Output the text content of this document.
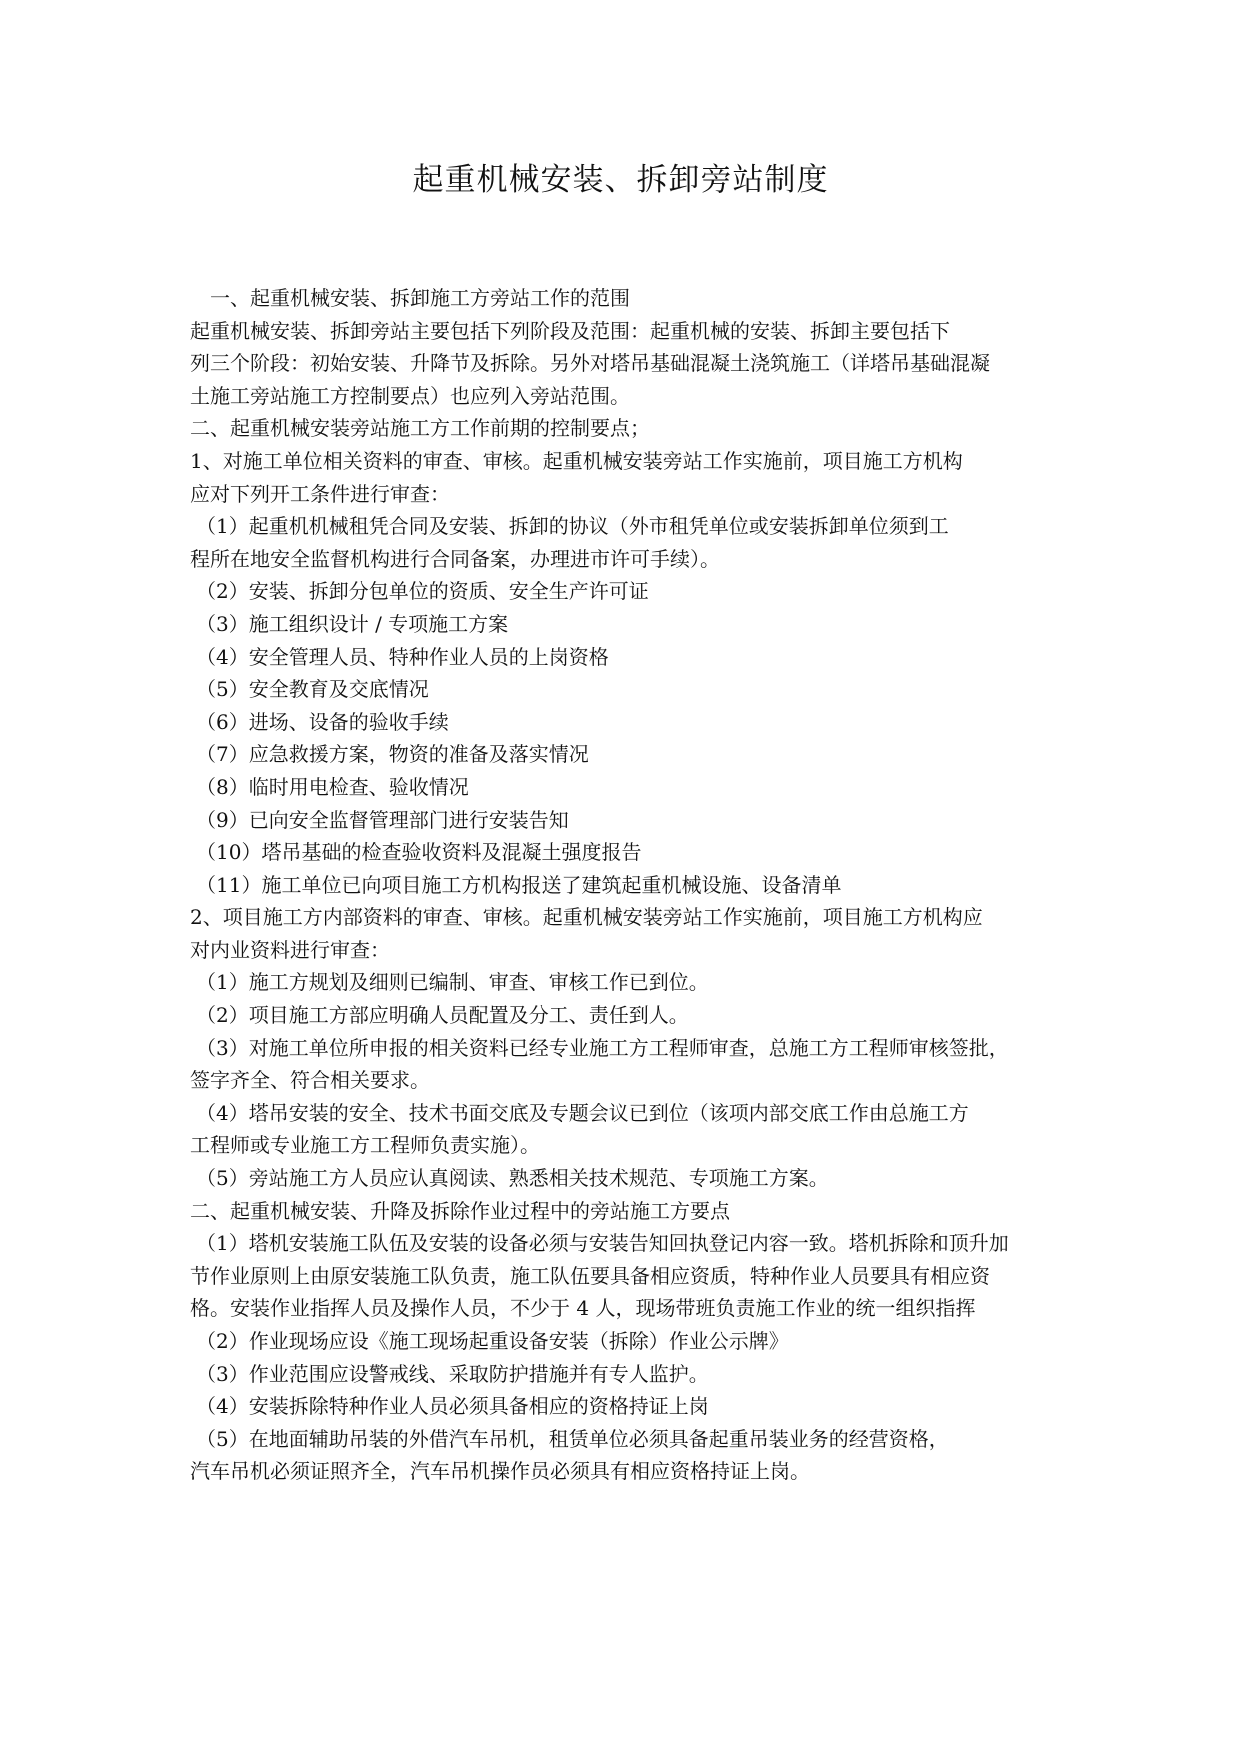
起重机械安装、拆卸旁站制度
一、起重机械安装、拆卸施工方旁站工作的范围
起重机械安装、拆卸旁站主要包括下列阶段及范围：起重机械的安装、拆卸主要包括下
列三个阶段：初始安装、升降节及拆除。另外对塔吊基础混凝土浇筑施工（详塔吊基础混凝
土施工旁站施工方控制要点）也应列入旁站范围。
二、起重机械安装旁站施工方工作前期的控制要点；
1、对施工单位相关资料的审查、审核。起重机械安装旁站工作实施前，项目施工方机构
应对下列开工条件进行审查：
（1）起重机机械租凭合同及安装、拆卸的协议（外市租凭单位或安装拆卸单位须到工
程所在地安全监督机构进行合同备案，办理进市许可手续）。
（2）安装、拆卸分包单位的资质、安全生产许可证
（3）施工组织设计 / 专项施工方案
（4）安全管理人员、特种作业人员的上岗资格
（5）安全教育及交底情况
（6）进场、设备的验收手续
（7）应急救援方案，物资的准备及落实情况
（8）临时用电检查、验收情况
（9）已向安全监督管理部门进行安装告知
（10）塔吊基础的检查验收资料及混凝土强度报告
（11）施工单位已向项目施工方机构报送了建筑起重机械设施、设备清单
2、项目施工方内部资料的审查、审核。起重机械安装旁站工作实施前，项目施工方机构应
对内业资料进行审查：
（1）施工方规划及细则已编制、审查、审核工作已到位。
（2）项目施工方部应明确人员配置及分工、责任到人。
（3）对施工单位所申报的相关资料已经专业施工方工程师审查，总施工方工程师审核签批，
签字齐全、符合相关要求。
（4）塔吊安装的安全、技术书面交底及专题会议已到位（该项内部交底工作由总施工方
工程师或专业施工方工程师负责实施）。
（5）旁站施工方人员应认真阅读、熟悉相关技术规范、专项施工方案。
二、起重机械安装、升降及拆除作业过程中的旁站施工方要点
（1）塔机安装施工队伍及安装的设备必须与安装告知回执登记内容一致。塔机拆除和顶升加
节作业原则上由原安装施工队负责，施工队伍要具备相应资质，特种作业人员要具有相应资
格。安装作业指挥人员及操作人员，不少于 4 人，现场带班负责施工作业的统一组织指挥
（2）作业现场应设《施工现场起重设备安装（拆除）作业公示牌》
（3）作业范围应设警戒线、采取防护措施并有专人监护。
（4）安装拆除特种作业人员必须具备相应的资格持证上岗
（5）在地面辅助吊装的外借汽车吊机，租赁单位必须具备起重吊装业务的经营资格，
汽车吊机必须证照齐全，汽车吊机操作员必须具有相应资格持证上岗。
